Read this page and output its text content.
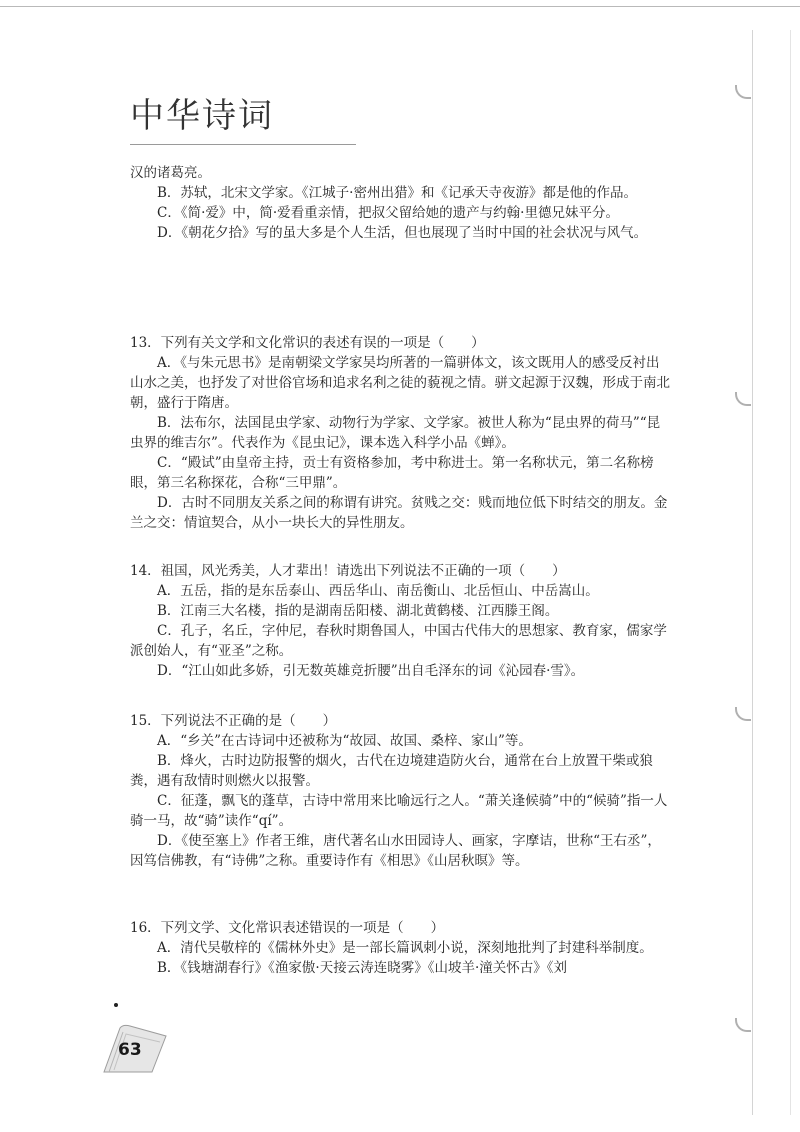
中华诗词

汉的诸葛亮。

B．苏轼，北宋文学家。《江城子·密州出猎》和《记承天寺夜游》都是他的作品。

C．《简·爱》中，简·爱看重亲情，把叔父留给她的遗产与约翰·里德兄妹平分。

D．《朝花夕拾》写的虽大多是个人生活，但也展现了当时中国的社会状况与风气。

13．下列有关文学和文化常识的表述有误的一项是（　　）

A．《与朱元思书》是南朝梁文学家吴均所著的一篇骈体文，该文既用人的感受反衬出山水之美，也抒发了对世俗官场和追求名利之徒的藐视之情。骈文起源于汉魏，形成于南北朝，盛行于隋唐。

B．法布尔，法国昆虫学家、动物行为学家、文学家。被世人称为“昆虫界的荷马”“昆虫界的维吉尔”。代表作为《昆虫记》，课本选入科学小品《蝉》。

C．“殿试”由皇帝主持，贡士有资格参加，考中称进士。第一名称状元，第二名称榜眼，第三名称探花，合称“三甲鼎”。

D．古时不同朋友关系之间的称谓有讲究。贫贱之交：贱而地位低下时结交的朋友。金兰之交：情谊契合，从小一块长大的异性朋友。

14．祖国，风光秀美，人才辈出！请选出下列说法不正确的一项（　　）

A．五岳，指的是东岳泰山、西岳华山、南岳衡山、北岳恒山、中岳嵩山。

B．江南三大名楼，指的是湖南岳阳楼、湖北黄鹤楼、江西滕王阁。

C．孔子，名丘，字仲尼，春秋时期鲁国人，中国古代伟大的思想家、教育家，儒家学派创始人，有“亚圣”之称。

D．“江山如此多娇，引无数英雄竞折腰”出自毛泽东的词《沁园春·雪》。

15．下列说法不正确的是（　　）

A．“乡关”在古诗词中还被称为“故园、故国、桑梓、家山”等。

B．烽火，古时边防报警的烟火，古代在边境建造防火台，通常在台上放置干柴或狼粪，遇有敌情时则燃火以报警。

C．征蓬，飘飞的蓬草，古诗中常用来比喻远行之人。“萧关逢候骑”中的“候骑”指一人骑一马，故“骑”读作“qí”。

D．《使至塞上》作者王维，唐代著名山水田园诗人、画家，字摩诘，世称“王右丞”，因笃信佛教，有“诗佛”之称。重要诗作有《相思》《山居秋暝》等。

16．下列文学、文化常识表述错误的一项是（　　）

A．清代吴敬梓的《儒林外史》是一部长篇讽刺小说，深刻地批判了封建科举制度。

B．《钱塘湖春行》《渔家傲·天接云涛连晓雾》《山坡羊·潼关怀古》《刘

63
